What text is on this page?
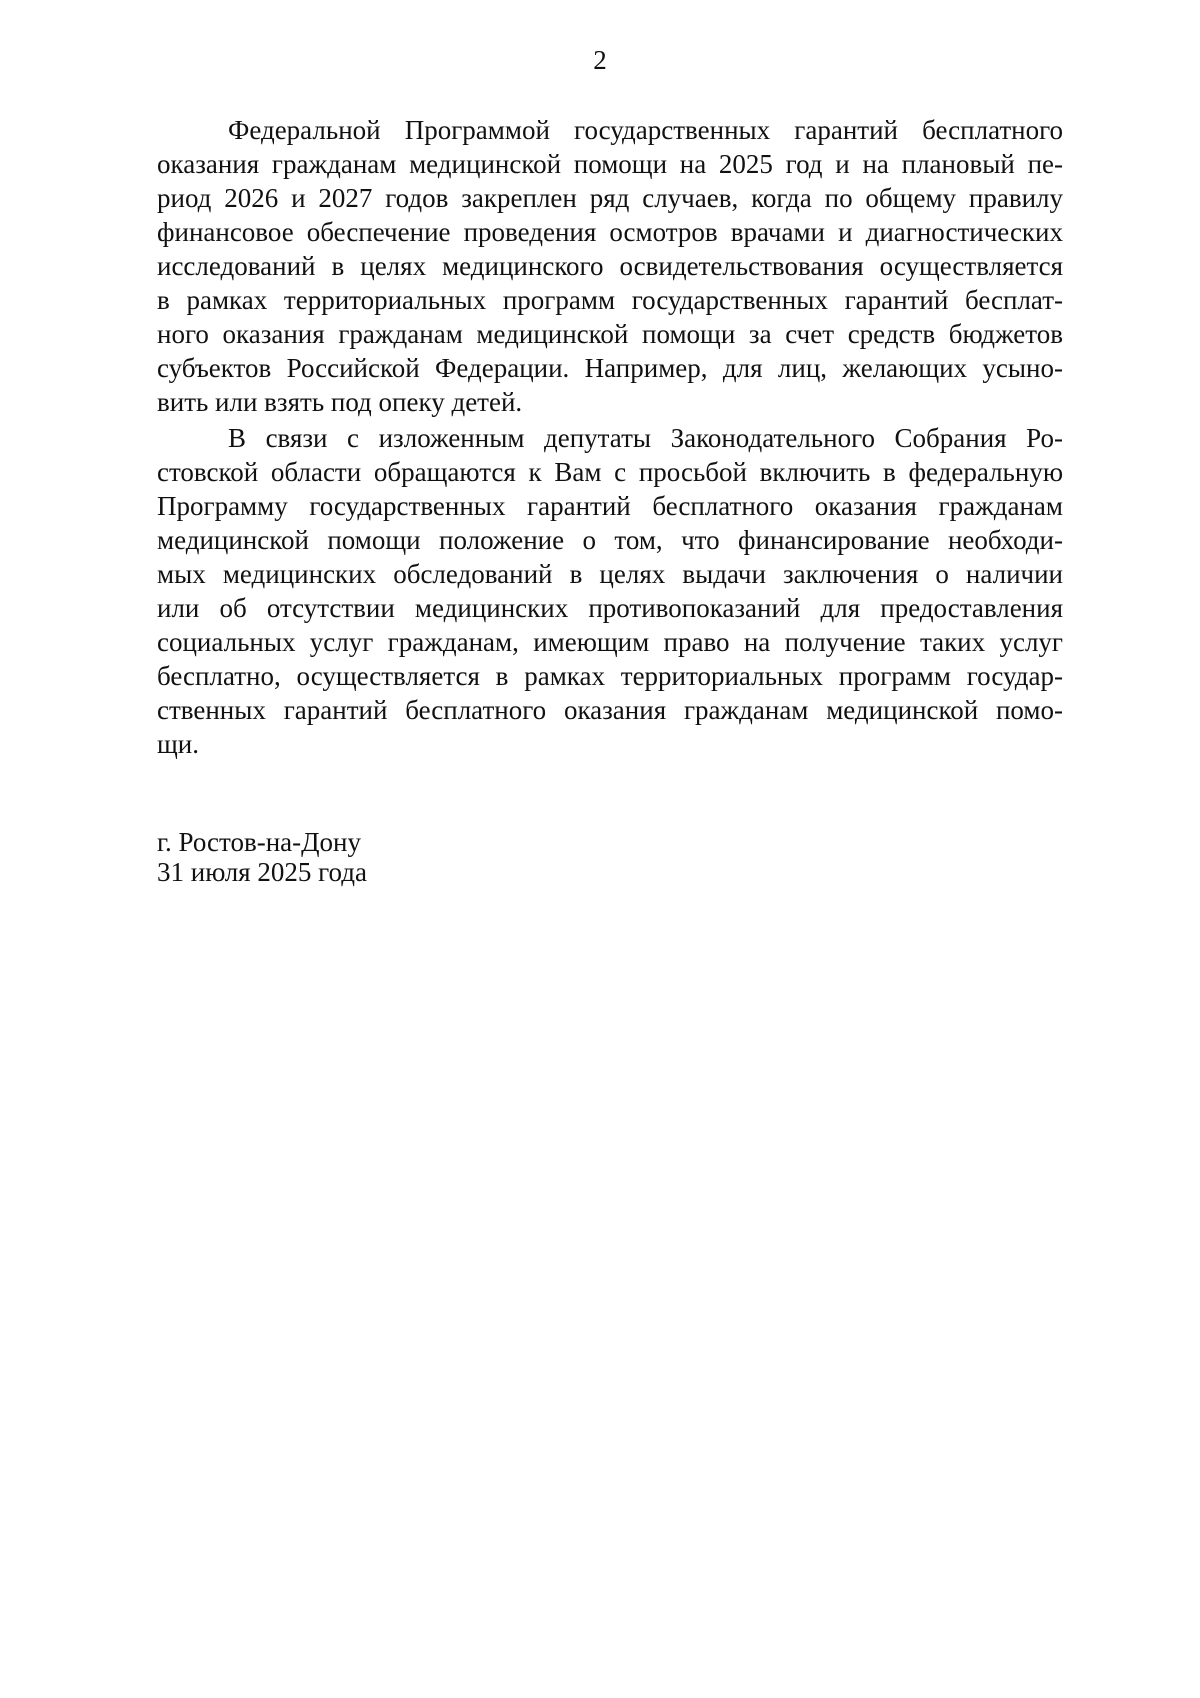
2
Федеральной Программой государственных гарантий бесплатного
оказания гражданам медицинской помощи на 2025 год и на плановый пе-
риод 2026 и 2027 годов закреплен ряд случаев, когда по общему правилу
финансовое обеспечение проведения осмотров врачами и диагностических
исследований в целях медицинского освидетельствования осуществляется
в рамках территориальных программ государственных гарантий бесплат-
ного оказания гражданам медицинской помощи за счет средств бюджетов
субъектов Российской Федерации. Например, для лиц, желающих усыно-
вить или взять под опеку детей.
В связи с изложенным депутаты Законодательного Собрания Ро-
стовской области обращаются к Вам с просьбой включить в федеральную
Программу государственных гарантий бесплатного оказания гражданам
медицинской помощи положение о том, что финансирование необходи-
мых медицинских обследований в целях выдачи заключения о наличии
или об отсутствии медицинских противопоказаний для предоставления
социальных услуг гражданам, имеющим право на получение таких услуг
бесплатно, осуществляется в рамках территориальных программ государ-
ственных гарантий бесплатного оказания гражданам медицинской помо-
щи.
г. Ростов-на-Дону
31 июля 2025 года
